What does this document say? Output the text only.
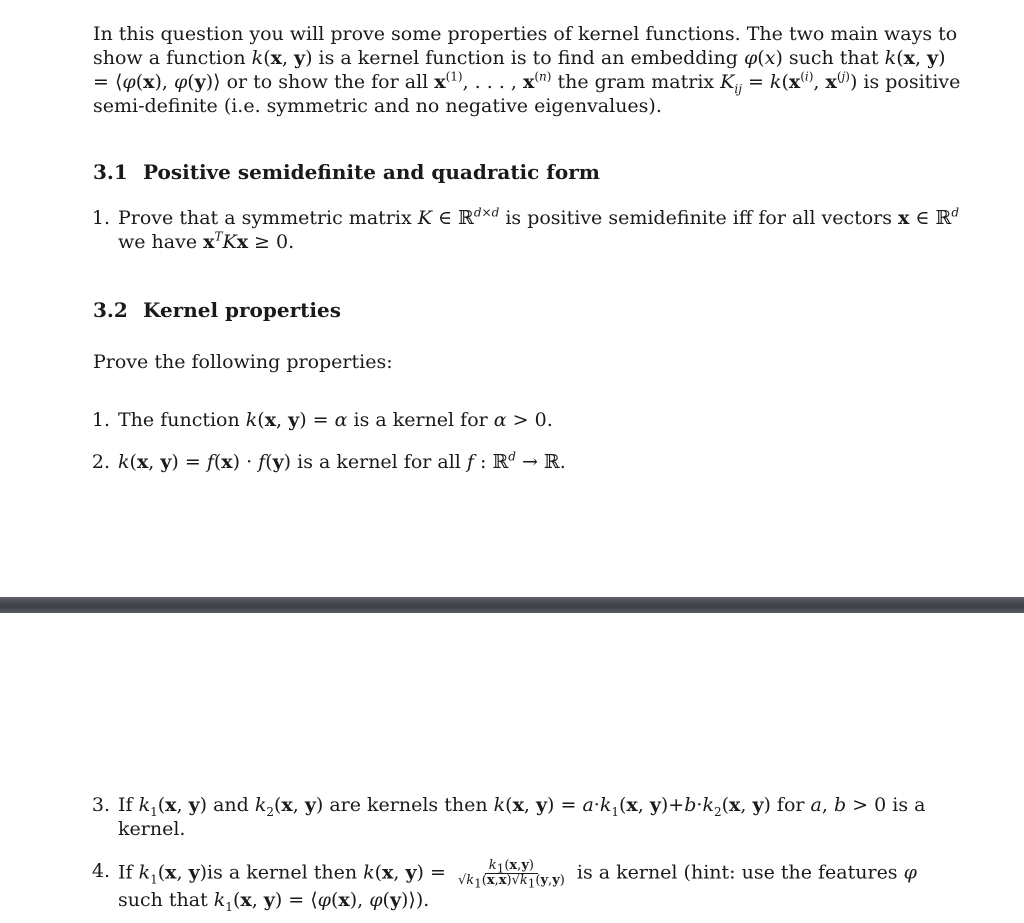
In this question you will prove some properties of kernel functions. The two main ways to show a function k(x, y) is a kernel function is to find an embedding φ(x) such that k(x, y) = ⟨φ(x), φ(y)⟩ or to show the for all $x^{(1)}$, . . . , $x^{(n)}$ the gram matrix $K_{ij} = k(x^{(i)}$, $x^{(j)}$) is positive semi-definite (i.e. symmetric and no negative eigenvalues).

3.1 Positive semidefinite and quadratic form
1. Prove that a symmetric matrix K ∈ ℝ$^{d\times d}$ is positive semidefinite iff for all vectors x ∈ ℝ$^d$ we have $x^TKx \ge 0$.
3.2 Kernel properties

Prove the following properties:

1. The function k(x, y) = α is a kernel for α > 0.
2. k(x, y) = f(x) · f(y) is a kernel for all f : ℝ$^d$ → ℝ.
3. If $k_1(x$, y) and $k_2(x$, y) are kernels then k(x, $y) = a\cdot k_1(x$, $y)+b\cdot k_2(x$, y) for a, b > 0 is a kernel.
4. If $k_1(x$, y)is a kernel then k(x, $y) = \frac{k_1(x,y)}{√k_1(x,x)√k_1(y,y)}$ is a kernel (hint: use the features φ such that $k_1(x$, y) = ⟨φ(x), φ(y)⟩).
